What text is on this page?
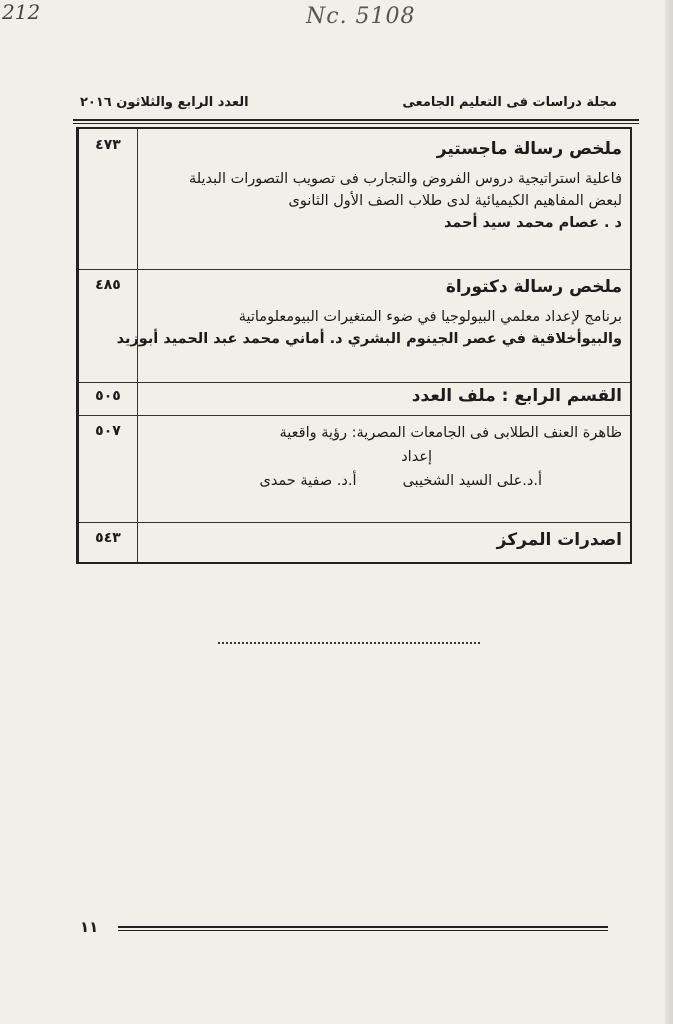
212	Nc. 5108
مجلة دراسات فى التعليم الجامعى
العدد الرابع والثلاثون ٢٠١٦
٤٧٣	ملخص رسالة ماجستير
فاعلية استراتيجية دروس الفروض والتجارب فى تصويب التصورات البديلة
لبعض المفاهيم الكيميائية لدى طلاب الصف الأول الثانوى
د . عصام محمد سيد أحمد
٤٨٥	ملخص رسالة دكتوراة
برنامج لإعداد معلمي البيولوجيا في ضوء المتغيرات البيومعلوماتية
والبيوأخلاقية في عصر الجينوم البشري د. أماني محمد عبد الحميد أبوزيد
٥٠٥	القسم الرابع : ملف العدد
٥٠٧	ظاهرة العنف الطلابى فى الجامعات المصرية: رؤية واقعية
إعداد
أ.د.على السيد الشخيبى          أ.د. صفية حمدى
٥٤٣	اصدرات المركز
١١
